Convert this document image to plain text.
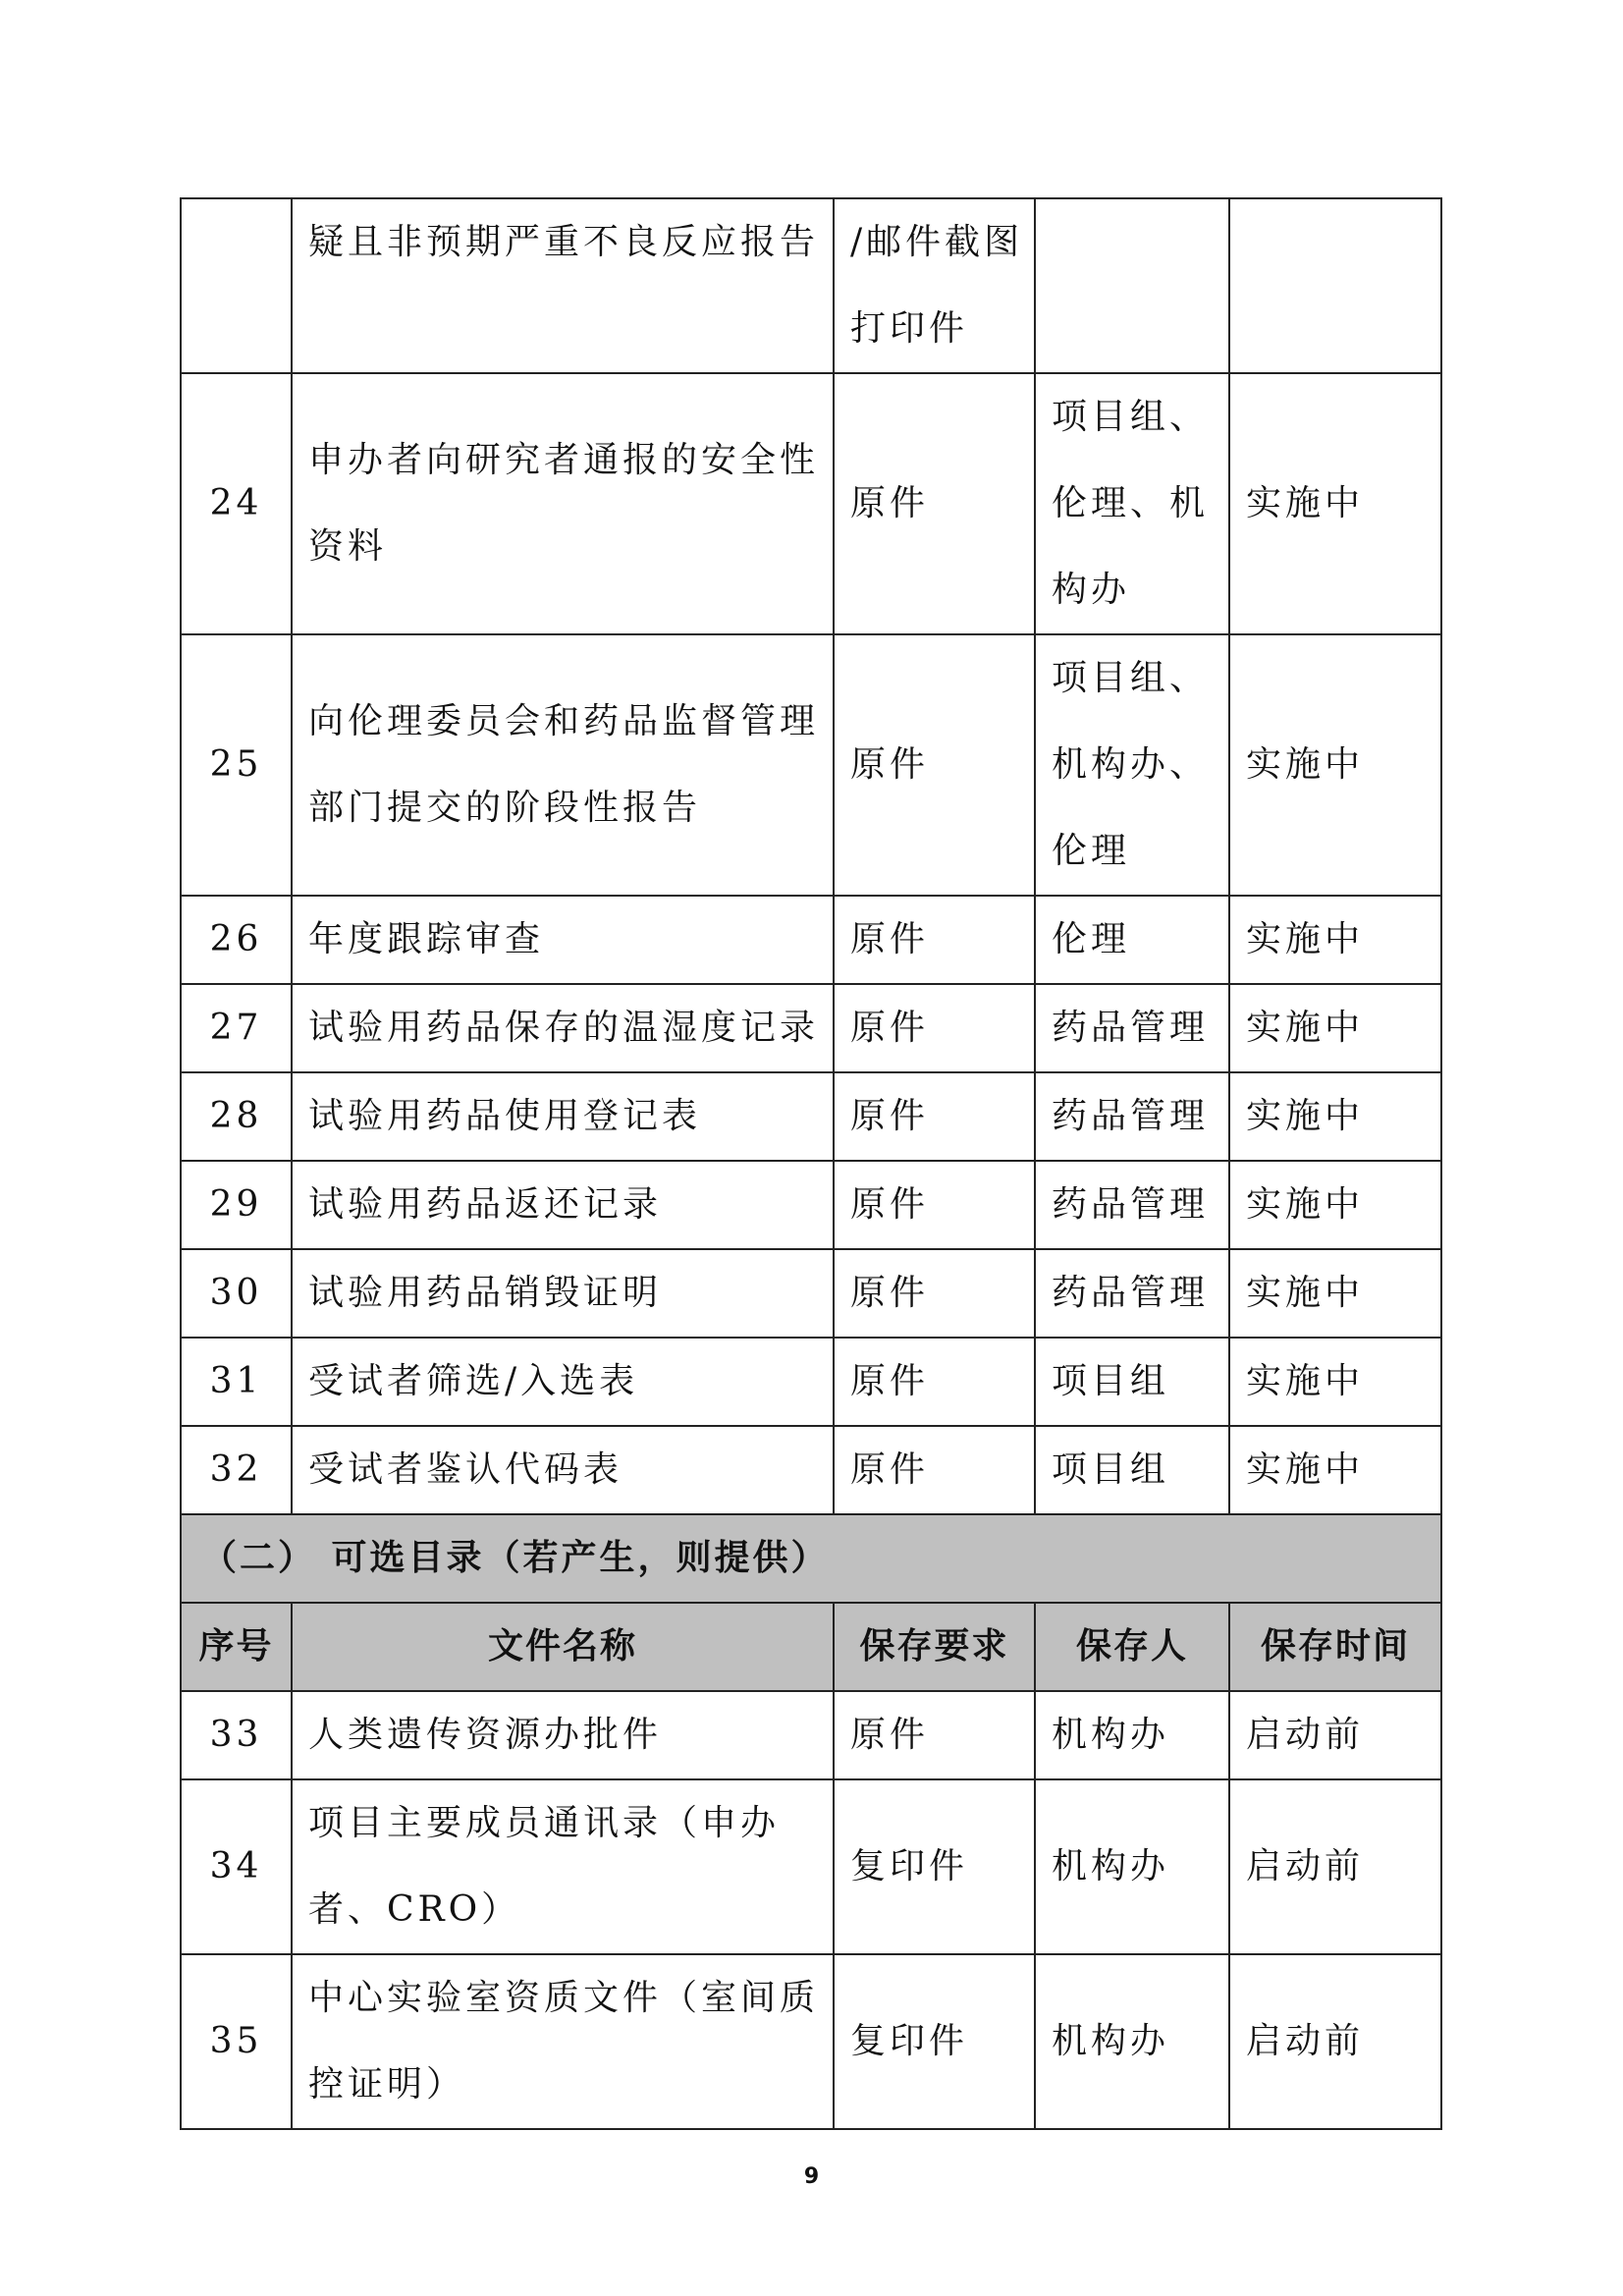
	疑且非预期严重不良反应报告	/邮件截图打印件		
24	申办者向研究者通报的安全性资料	原件	项目组、伦理、机构办	实施中
25	向伦理委员会和药品监督管理部门提交的阶段性报告	原件	项目组、机构办、伦理	实施中
26	年度跟踪审查	原件	伦理	实施中
27	试验用药品保存的温湿度记录	原件	药品管理	实施中
28	试验用药品使用登记表	原件	药品管理	实施中
29	试验用药品返还记录	原件	药品管理	实施中
30	试验用药品销毁证明	原件	药品管理	实施中
31	受试者筛选/入选表	原件	项目组	实施中
32	受试者鉴认代码表	原件	项目组	实施中
（二） 可选目录（若产生，则提供）				
序号	文件名称	保存要求	保存人	保存时间
33	人类遗传资源办批件	原件	机构办	启动前
34	项目主要成员通讯录（申办者、CRO）	复印件	机构办	启动前
35	中心实验室资质文件（室间质控证明）	复印件	机构办	启动前
9
